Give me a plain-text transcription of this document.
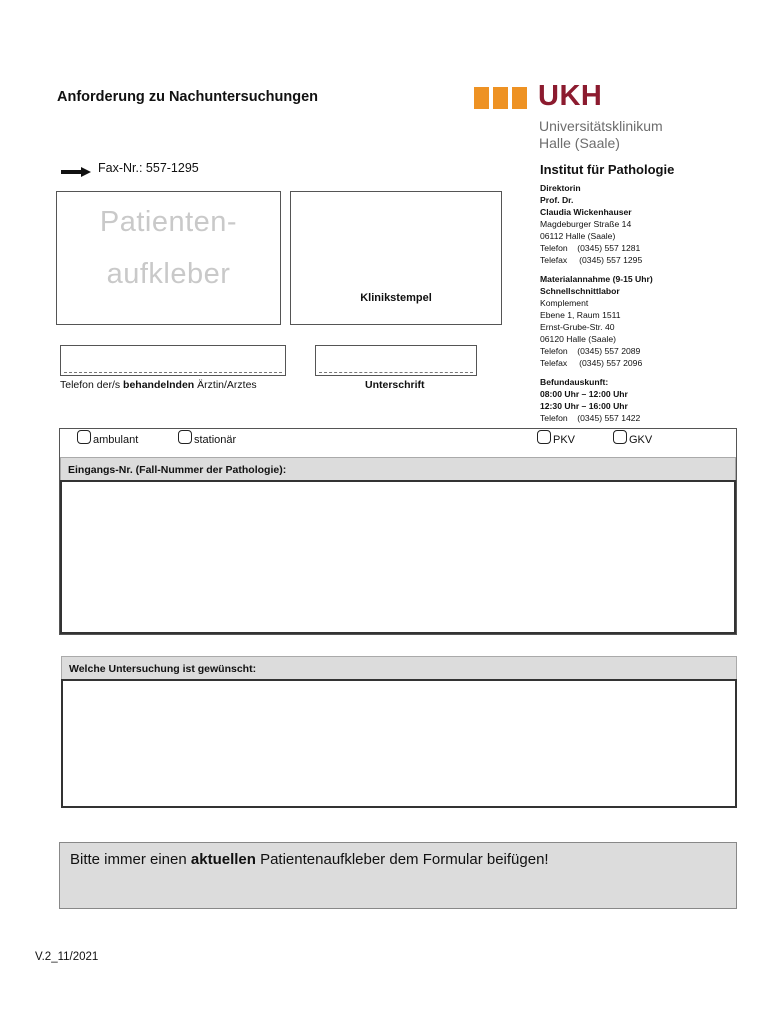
Anforderung zu Nachuntersuchungen	UKH
Universitätsklinikum
Halle (Saale)
Fax-Nr.: 557-1295	Institut für Pathologie
Direktorin
Prof. Dr.
Claudia Wickenhauser
Magdeburger Straße 14
06112 Halle (Saale)
Telefon    (0345) 557 1281
Telefax     (0345) 557 1295
Materialannahme (9-15 Uhr)
Schnellschnittlabor
Komplement
Ebene 1, Raum 1511
Ernst-Grube-Str. 40
06120 Halle (Saale)
Telefon    (0345) 557 2089
Telefax     (0345) 557 2096
Befundauskunft:
08:00 Uhr – 12:00 Uhr
12:30 Uhr – 16:00 Uhr
Telefon    (0345) 557 1422
Patienten-
aufkleber
Klinikstempel
Telefon der/s behandelnden Ärztin/Arztes	Unterschrift
ambulant	stationär	PKV	GKV
Eingangs-Nr. (Fall-Nummer der Pathologie):
Welche Untersuchung ist gewünscht:
Bitte immer einen aktuellen Patientenaufkleber dem Formular beifügen!
V.2_11/2021
